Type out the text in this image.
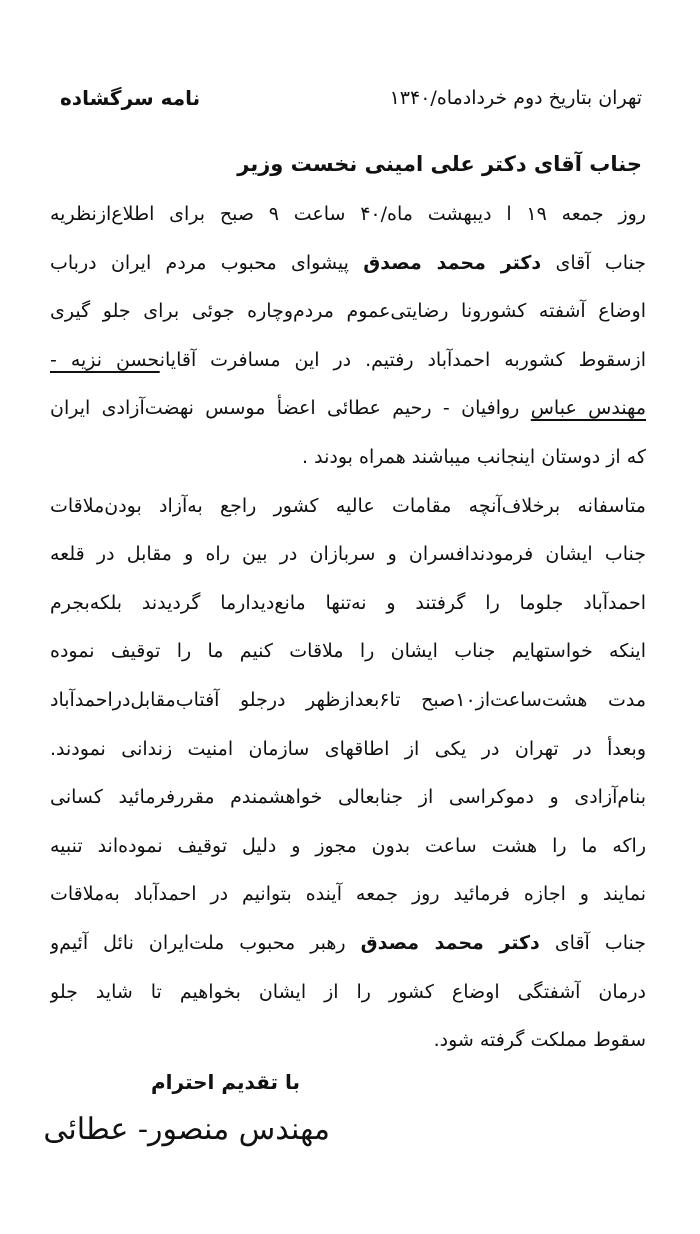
تهران بتاریخ دوم خردادماه/۱۳۴۰
نامه سرگشاده
جناب آقای دکتر علی امینی نخست وزیر
روز جمعه ۱۹ ا دیبهشت ماه/۴۰ ساعت ۹ صبح برای اطلاع‌ازنظریه
جناب آقای دکتر محمد مصدق پیشوای محبوب مردم ایران درباب
اوضاع آشفته کشورونا رضایتی‌عموم مردم‌وچاره جوئی برای جلو گیری
ازسقوط کشوربه احمدآباد رفتیم. در این مسافرت آقایانحسن نزیه -
مهندس عباس روافیان - رحیم عطائی اعضأ موسس نهضت‌آزادی ایران
که از دوستان اینجانب میباشند همراه بودند .
متاسفانه برخلاف‌آنچه مقامات عالیه کشور راجع به‌آزاد بودن‌ملاقات
جناب ایشان فرمودند‌افسران و سربازان در بین راه و مقابل در قلعه
احمدآباد جلوما را گرفتند و نه‌تنها مانع‌دیدارما گردیدند بلکه‌بجرم
اینکه خواستهایم جناب ایشان را ملاقات کنیم ما را توقیف نموده
مدت هشت‌ساعت‌از۱۰صبح تا۶بعدازظهر درجلو آفتاب‌مقابل‌دراحمدآباد
وبعدأ در تهران در یکی از اطاقهای سازمان امنیت زندانی نمودند.
بنام‌آزادی و دموکراسی از جنابعالی خواهشمندم مقررفرمائید کسانی
راکه ما را هشت ساعت بدون مجوز و دلیل توقیف نموده‌اند تنبیه
نمایند و اجازه فرمائید روز جمعه آینده بتوانیم در احمدآباد به‌ملاقات
جناب آقای دکتر محمد مصدق رهبر محبوب ملت‌ایران نائل آئیم‌و
درمان آشفتگی اوضاع کشور را از ایشان بخواهیم تا شاید جلو
سقوط مملکت گرفته شود.
با تقدیم احترام
مهندس منصور- عطائی
